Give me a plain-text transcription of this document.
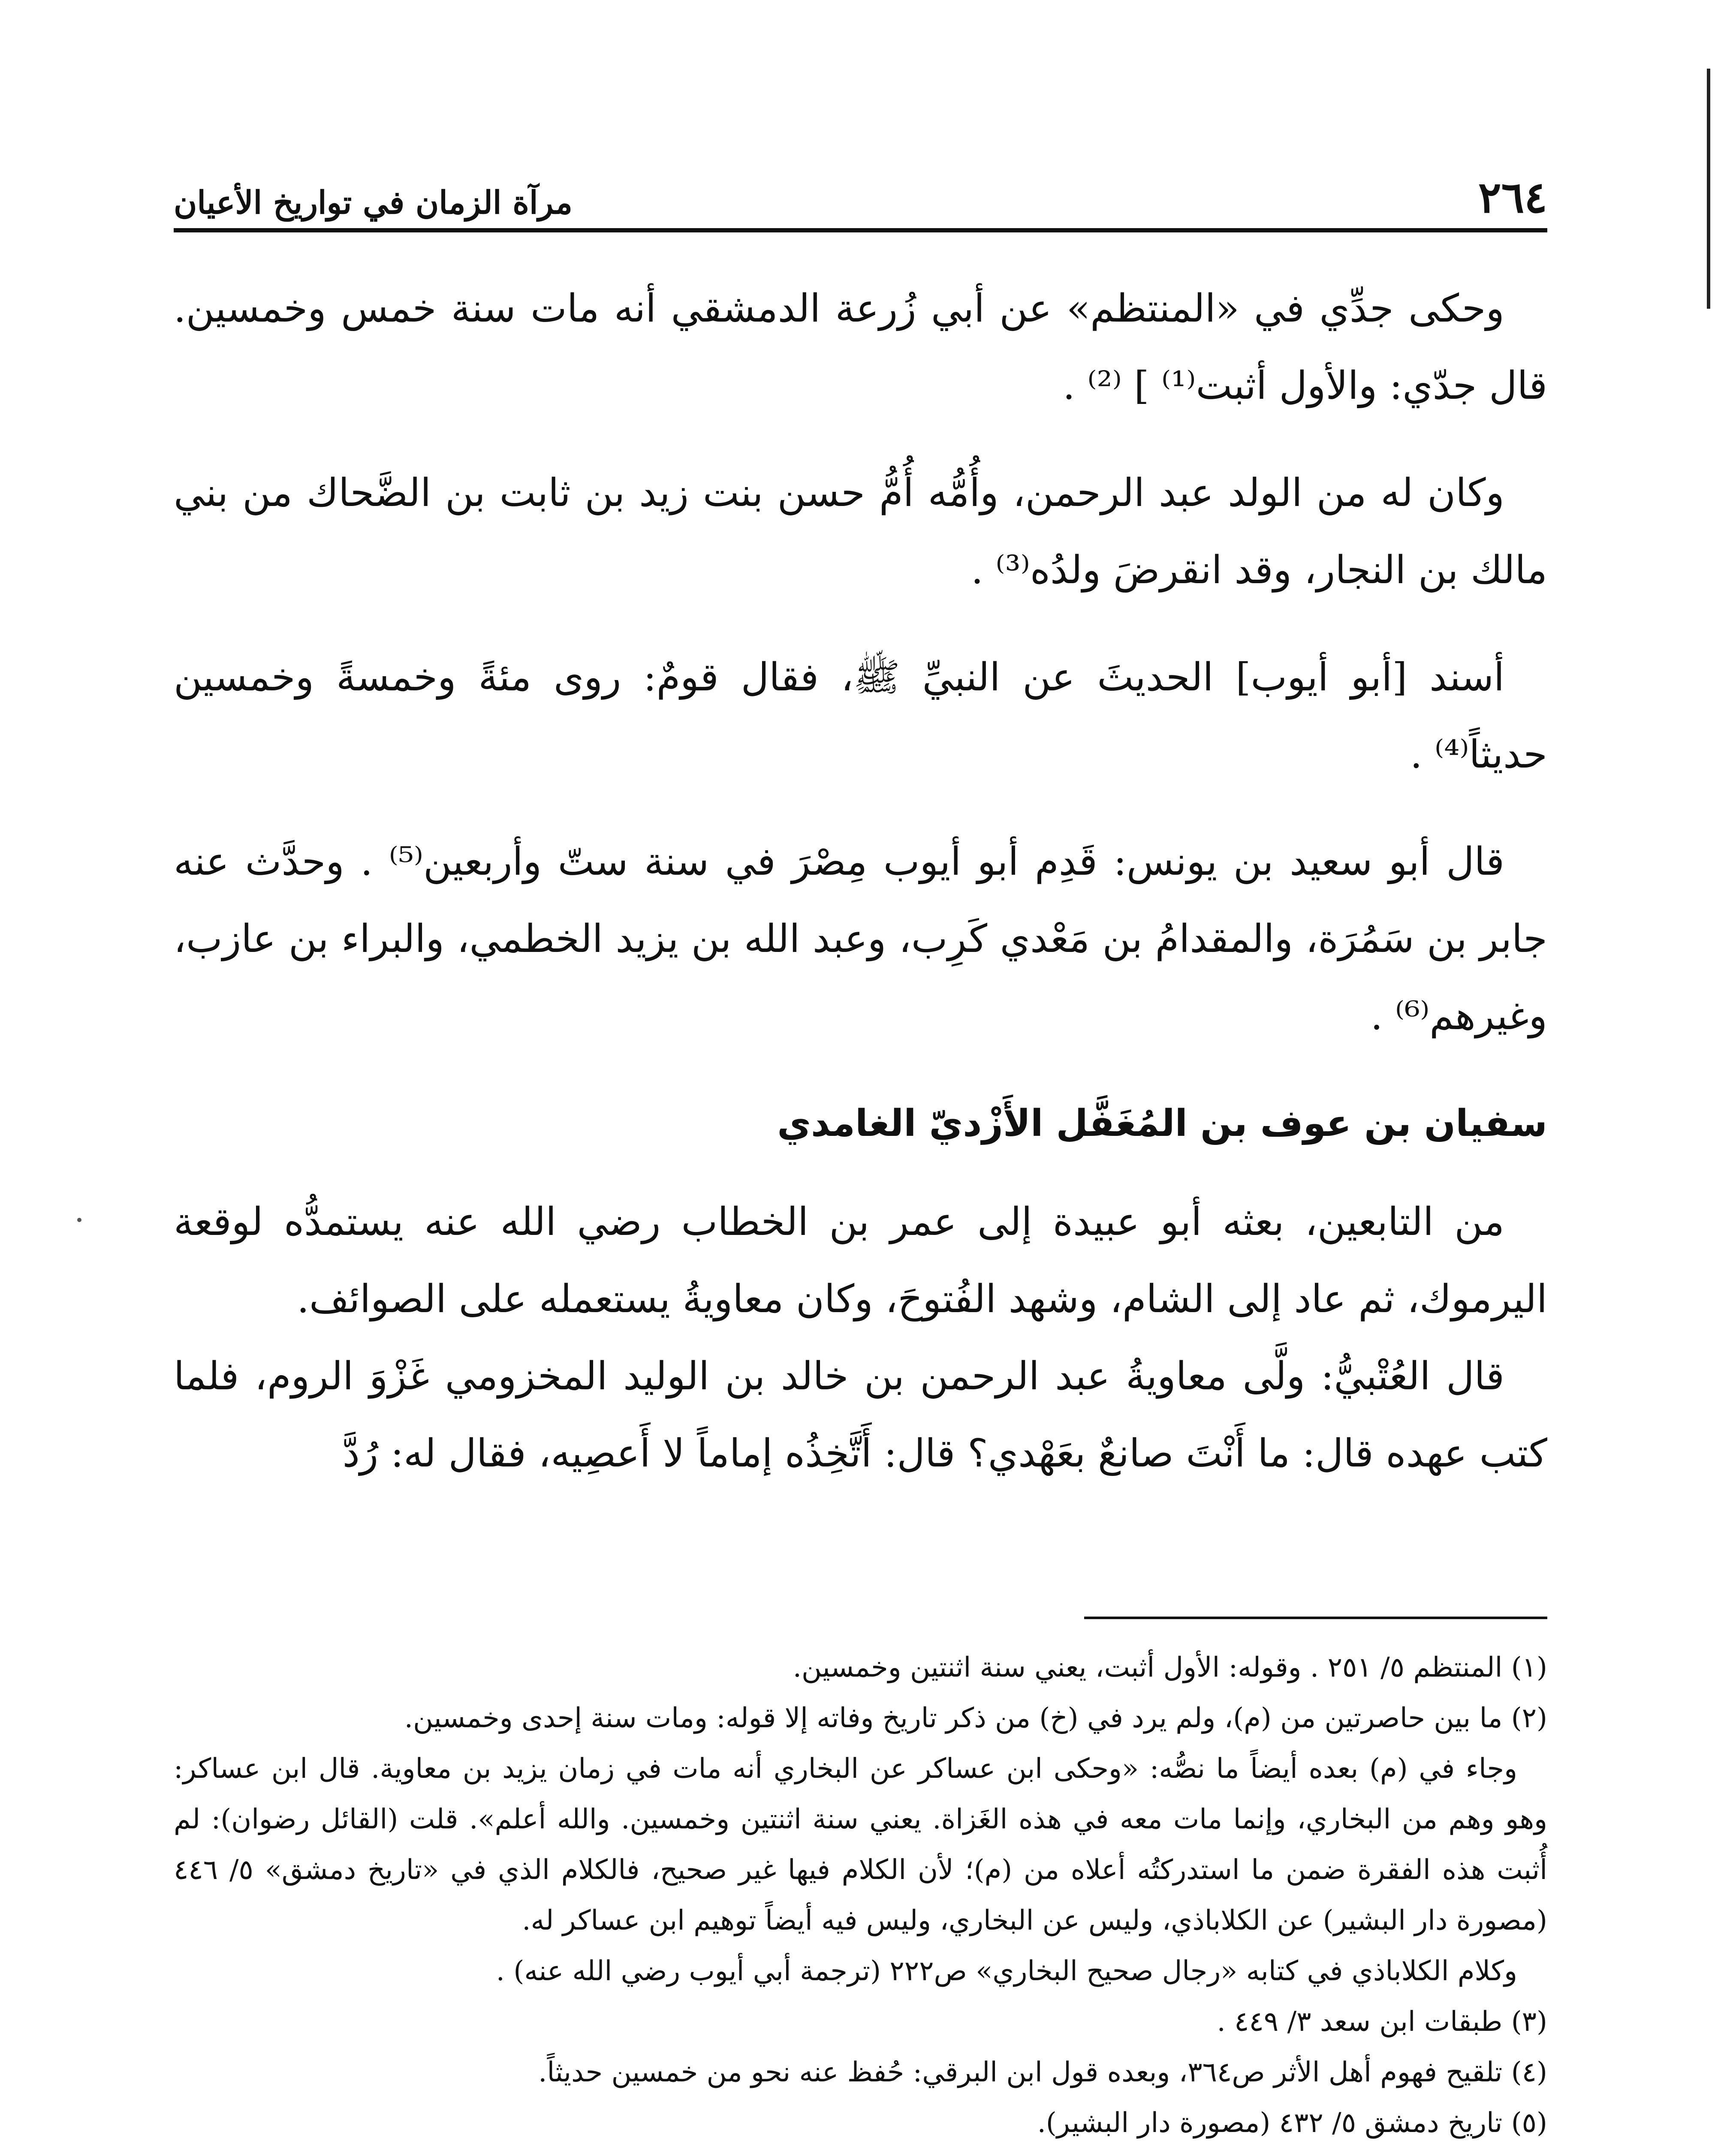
٢٦٤
مرآة الزمان في تواريخ الأعيان

وحكى جدِّي في «المنتظم» عن أبي زُرعة الدمشقي أنه مات سنة خمس وخمسين. قال جدّي: والأول أثبت⁽¹⁾ ] ⁽²⁾ .

وكان له من الولد عبد الرحمن، وأُمُّه أُمُّ حسن بنت زيد بن ثابت بن الضَّحاك من بني مالك بن النجار، وقد انقرضَ ولدُه⁽³⁾ .

أسند [أبو أيوب] الحديثَ عن النبيِّ ﷺ، فقال قومٌ: روى مئةً وخمسةً وخمسين حديثاً⁽⁴⁾ .

قال أبو سعيد بن يونس: قَدِم أبو أيوب مِصْرَ في سنة ستّ وأربعين⁽⁵⁾ . وحدَّث عنه جابر بن سَمُرَة، والمقدامُ بن مَعْدي كَرِب، وعبد الله بن يزيد الخطمي، والبراء بن عازب، وغيرهم⁽⁶⁾ .

سفيان بن عوف بن المُغَفَّل الأَزْديّ الغامدي

من التابعين، بعثه أبو عبيدة إلى عمر بن الخطاب رضي الله عنه يستمدُّه لوقعة اليرموك، ثم عاد إلى الشام، وشهد الفُتوحَ، وكان معاويةُ يستعمله على الصوائف.

قال العُتْبيُّ: ولَّى معاويةُ عبد الرحمن بن خالد بن الوليد المخزومي غَزْوَ الروم، فلما كتب عهده قال: ما أَنْتَ صانعٌ بعَهْدي؟ قال: أَتَّخِذُه إماماً لا أَعصِيه، فقال له: رُدَّ

(١) المنتظم ٥/ ٢٥١ . وقوله: الأول أثبت، يعني سنة اثنتين وخمسين.

(٢) ما بين حاصرتين من (م)، ولم يرد في (خ) من ذكر تاريخ وفاته إلا قوله: ومات سنة إحدى وخمسين.

وجاء في (م) بعده أيضاً ما نصُّه: «وحكى ابن عساكر عن البخاري أنه مات في زمان يزيد بن معاوية. قال ابن عساكر: وهو وهم من البخاري، وإنما مات معه في هذه الغَزاة. يعني سنة اثنتين وخمسين. والله أعلم». قلت (القائل رضوان): لم أُثبت هذه الفقرة ضمن ما استدركتُه أعلاه من (م)؛ لأن الكلام فيها غير صحيح، فالكلام الذي في «تاريخ دمشق» ٥/ ٤٤٦ (مصورة دار البشير) عن الكلاباذي، وليس عن البخاري، وليس فيه أيضاً توهيم ابن عساكر له.

وكلام الكلاباذي في كتابه «رجال صحيح البخاري» ص٢٢٢ (ترجمة أبي أيوب رضي الله عنه) .

(٣) طبقات ابن سعد ٣/ ٤٤٩ .

(٤) تلقيح فهوم أهل الأثر ص٣٦٤، وبعده قول ابن البرقي: حُفظ عنه نحو من خمسين حديثاً.

(٥) تاريخ دمشق ٥/ ٤٣٢ (مصورة دار البشير).
